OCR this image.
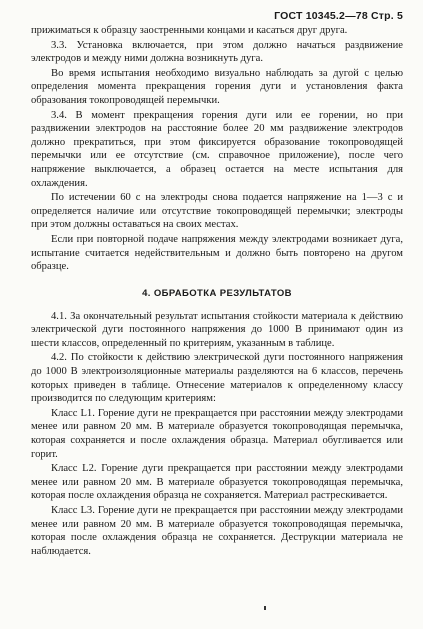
ГОСТ 10345.2—78 Стр. 5

прижиматься к образцу заостренными концами и касаться друг друга.

3.3. Установка включается, при этом должно начаться раздвижение электродов и между ними должна возникнуть дуга.

Во время испытания необходимо визуально наблюдать за дугой с целью определения момента прекращения горения дуги и установления факта образования токопроводящей перемычки.

3.4. В момент прекращения горения дуги или ее горении, но при раздвижении электродов на расстояние более 20 мм раздвижение электродов должно прекратиться, при этом фиксируется образование токопроводящей перемычки или ее отсутствие (см. справочное приложение), после чего напряжение выключается, а образец остается на месте испытания для охлаждения.

По истечении 60 с на электроды снова подается напряжение на 1—3 с и определяется наличие или отсутствие токопроводящей перемычки; электроды при этом должны оставаться на своих местах.

Если при повторной подаче напряжения между электродами возникает дуга, испытание считается недействительным и должно быть повторено на другом образце.

4. ОБРАБОТКА РЕЗУЛЬТАТОВ

4.1. За окончательный результат испытания стойкости материала к действию электрической дуги постоянного напряжения до 1000 В принимают один из шести классов, определенный по критериям, указанным в таблице.

4.2. По стойкости к действию электрической дуги постоянного напряжения до 1000 В электроизоляционные материалы разделяются на 6 классов, перечень которых приведен в таблице. Отнесение материалов к определенному классу производится по следующим критериям:

Класс L1. Горение дуги не прекращается при расстоянии между электродами менее или равном 20 мм. В материале образуется токопроводящая перемычка, которая сохраняется и после охлаждения образца. Материал обугливается или горит.

Класс L2. Горение дуги прекращается при расстоянии между электродами менее или равном 20 мм. В материале образуется токопроводящая перемычка, которая после охлаждения образца не сохраняется. Материал растрескивается.

Класс L3. Горение дуги не прекращается при расстоянии между электродами менее или равном 20 мм. В материале образуется токопроводящая перемычка, которая после охлаждения образца не сохраняется. Деструкции материала не наблюдается.
